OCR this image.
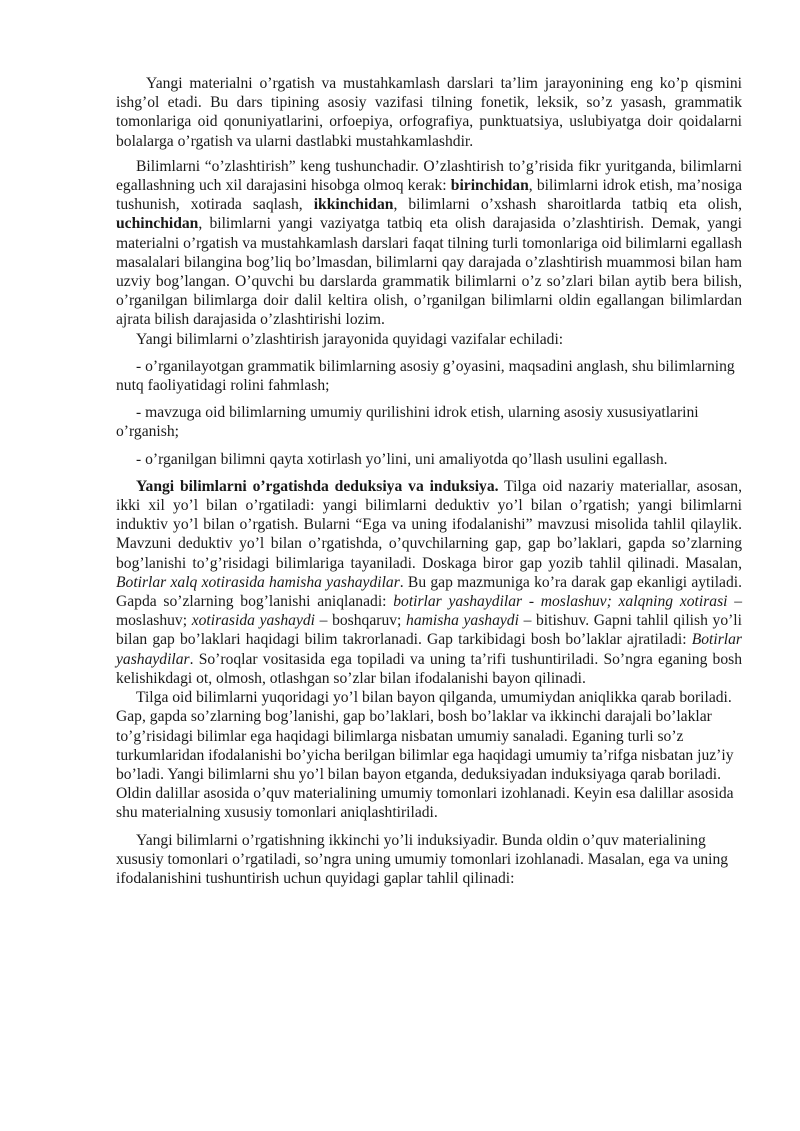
Yangi materialni o’rgatish va mustahkamlash darslari ta’lim jarayonining eng ko’p qismini ishg’ol etadi. Bu dars tipining asosiy vazifasi tilning fonetik, leksik, so’z yasash, grammatik tomonlariga oid qonuniyatlarini, orfoepiya, orfografiya, punktuatsiya, uslubiyatga doir qoidalarni bolalarga o’rgatish va ularni dastlabki mustahkamlashdir.

Bilimlarni “o’zlashtirish” keng tushunchadir. O’zlashtirish to’g’risida fikr yuritganda, bilimlarni egallashning uch xil darajasini hisobga olmoq kerak: birinchidan, bilimlarni idrok etish, ma’nosiga tushunish, xotirada saqlash, ikkinchidan, bilimlarni o’xshash sharoitlarda tatbiq eta olish, uchinchidan, bilimlarni yangi vaziyatga tatbiq eta olish darajasida o’zlashtirish. Demak, yangi materialni o’rgatish va mustahkamlash darslari faqat tilning turli tomonlariga oid bilimlarni egallash masalalari bilangina bog’liq bo’lmasdan, bilimlarni qay darajada o’zlashtirish muammosi bilan ham uzviy bog’langan. O’quvchi bu darslarda grammatik bilimlarni o’z so’zlari bilan aytib bera bilish, o’rganilgan bilimlarga doir dalil keltira olish, o’rganilgan bilimlarni oldin egallangan bilimlardan ajrata bilish darajasida o’zlashtirishi lozim.

Yangi bilimlarni o’zlashtirish jarayonida quyidagi vazifalar echiladi:

- o’rganilayotgan grammatik bilimlarning asosiy g’oyasini, maqsadini anglash, shu bilimlarning nutq faoliyatidagi rolini fahmlash;

- mavzuga oid bilimlarning umumiy qurilishini idrok etish, ularning asosiy xususiyatlarini o’rganish;

- o’rganilgan bilimni qayta xotirlash yo’lini, uni amaliyotda qo’llash usulini egallash.

Yangi bilimlarni o’rgatishda deduksiya va induksiya. Tilga oid nazariy materiallar, asosan, ikki xil yo’l bilan o’rgatiladi: yangi bilimlarni deduktiv yo’l bilan o’rgatish; yangi bilimlarni induktiv yo’l bilan o’rgatish. Bularni “Ega va uning ifodalanishi” mavzusi misolida tahlil qilaylik. Mavzuni deduktiv yo’l bilan o’rgatishda, o’quvchilarning gap, gap bo’laklari, gapda so’zlarning bog’lanishi to’g’risidagi bilimlariga tayaniladi. Doskaga biror gap yozib tahlil qilinadi. Masalan, Botirlar xalq xotirasida hamisha yashaydilar. Bu gap mazmuniga ko’ra darak gap ekanligi aytiladi. Gapda so’zlarning bog’lanishi aniqlanadi: botirlar yashaydilar - moslashuv; xalqning xotirasi – moslashuv; xotirasida yashaydi – boshqaruv; hamisha yashaydi – bitishuv. Gapni tahlil qilish yo’li bilan gap bo’laklari haqidagi bilim takrorlanadi. Gap tarkibidagi bosh bo’laklar ajratiladi: Botirlar yashaydilar. So’roqlar vositasida ega topiladi va uning ta’rifi tushuntiriladi. So’ngra eganing bosh kelishikdagi ot, olmosh, otlashgan so’zlar bilan ifodalanishi bayon qilinadi.

Tilga oid bilimlarni yuqoridagi yo’l bilan bayon qilganda, umumiydan aniqlikka qarab boriladi. Gap, gapda so’zlarning bog’lanishi, gap bo’laklari, bosh bo’laklar va ikkinchi darajali bo’laklar to’g’risidagi bilimlar ega haqidagi bilimlarga nisbatan umumiy sanaladi. Eganing turli so’z turkumlaridan ifodalanishi bo’yicha berilgan bilimlar ega haqidagi umumiy ta’rifga nisbatan juz’iy bo’ladi. Yangi bilimlarni shu yo’l bilan bayon etganda, deduksiyadan induksiyaga qarab boriladi. Oldin dalillar asosida o’quv materialining umumiy tomonlari izohlanadi. Keyin esa dalillar asosida shu materialning xususiy tomonlari aniqlashtiriladi.

Yangi bilimlarni o’rgatishning ikkinchi yo’li induksiyadir. Bunda oldin o’quv materialining xususiy tomonlari o’rgatiladi, so’ngra uning umumiy tomonlari izohlanadi. Masalan, ega va uning ifodalanishini tushuntirish uchun quyidagi gaplar tahlil qilinadi:
